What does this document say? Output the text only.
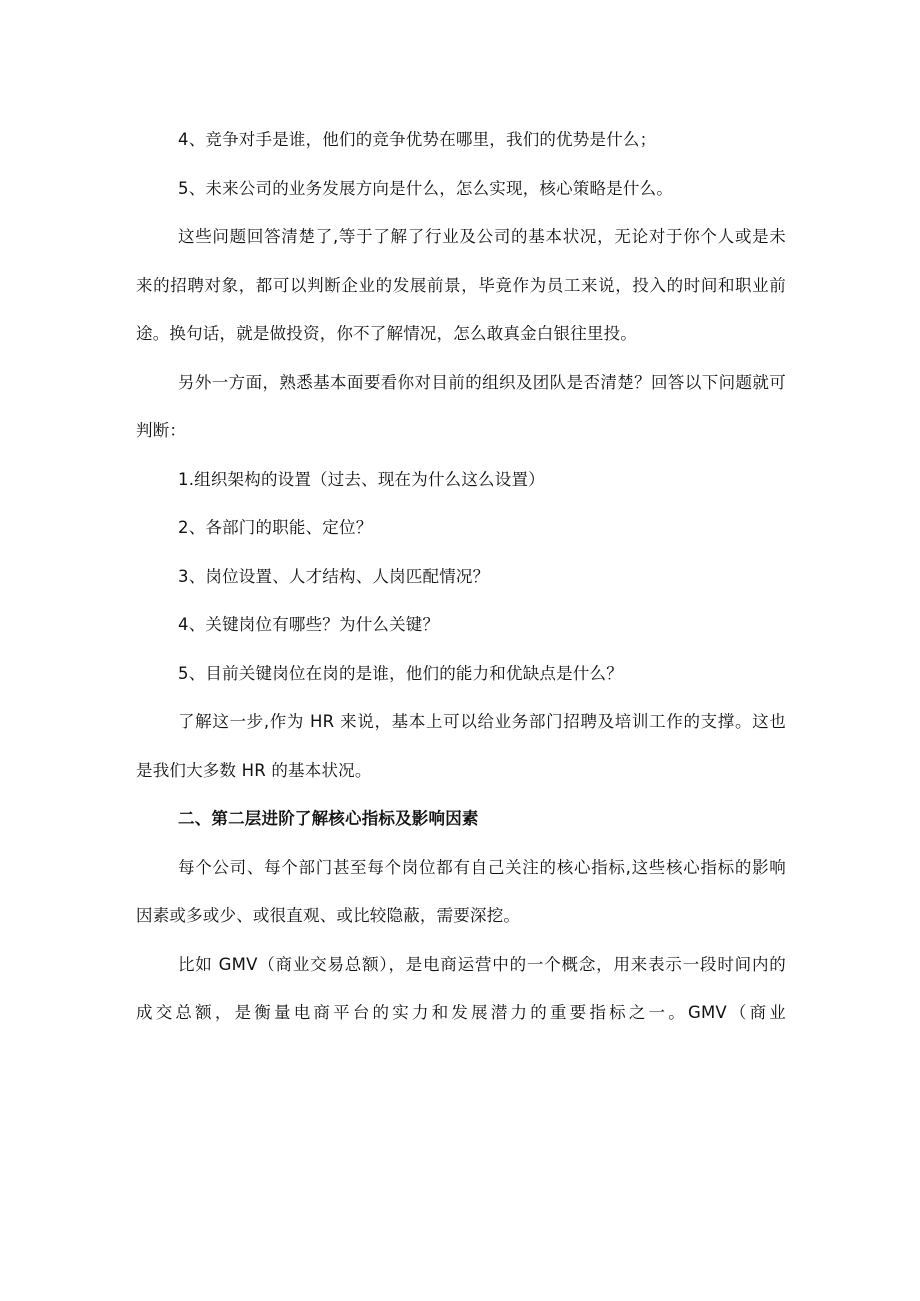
4、竞争对手是谁，他们的竞争优势在哪里，我们的优势是什么；

5、未来公司的业务发展方向是什么，怎么实现，核心策略是什么。

这些问题回答清楚了,等于了解了行业及公司的基本状况，无论对于你个人或是未
来的招聘对象，都可以判断企业的发展前景，毕竟作为员工来说，投入的时间和职业前
途。换句话，就是做投资，你不了解情况，怎么敢真金白银往里投。

另外一方面，熟悉基本面要看你对目前的组织及团队是否清楚？回答以下问题就可
判断：

1.组织架构的设置（过去、现在为什么这么设置）

2、各部门的职能、定位？

3、岗位设置、人才结构、人岗匹配情况？

4、关键岗位有哪些？为什么关键？

5、目前关键岗位在岗的是谁，他们的能力和优缺点是什么？

了解这一步,作为 HR 来说，基本上可以给业务部门招聘及培训工作的支撑。这也
是我们大多数 HR 的基本状况。

二、第二层进阶了解核心指标及影响因素

每个公司、每个部门甚至每个岗位都有自己关注的核心指标,这些核心指标的影响
因素或多或少、或很直观、或比较隐蔽，需要深挖。

比如 GMV（商业交易总额），是电商运营中的一个概念，用来表示一段时间内的
成交总额，是衡量电商平台的实力和发展潜力的重要指标之一。GMV（商业
